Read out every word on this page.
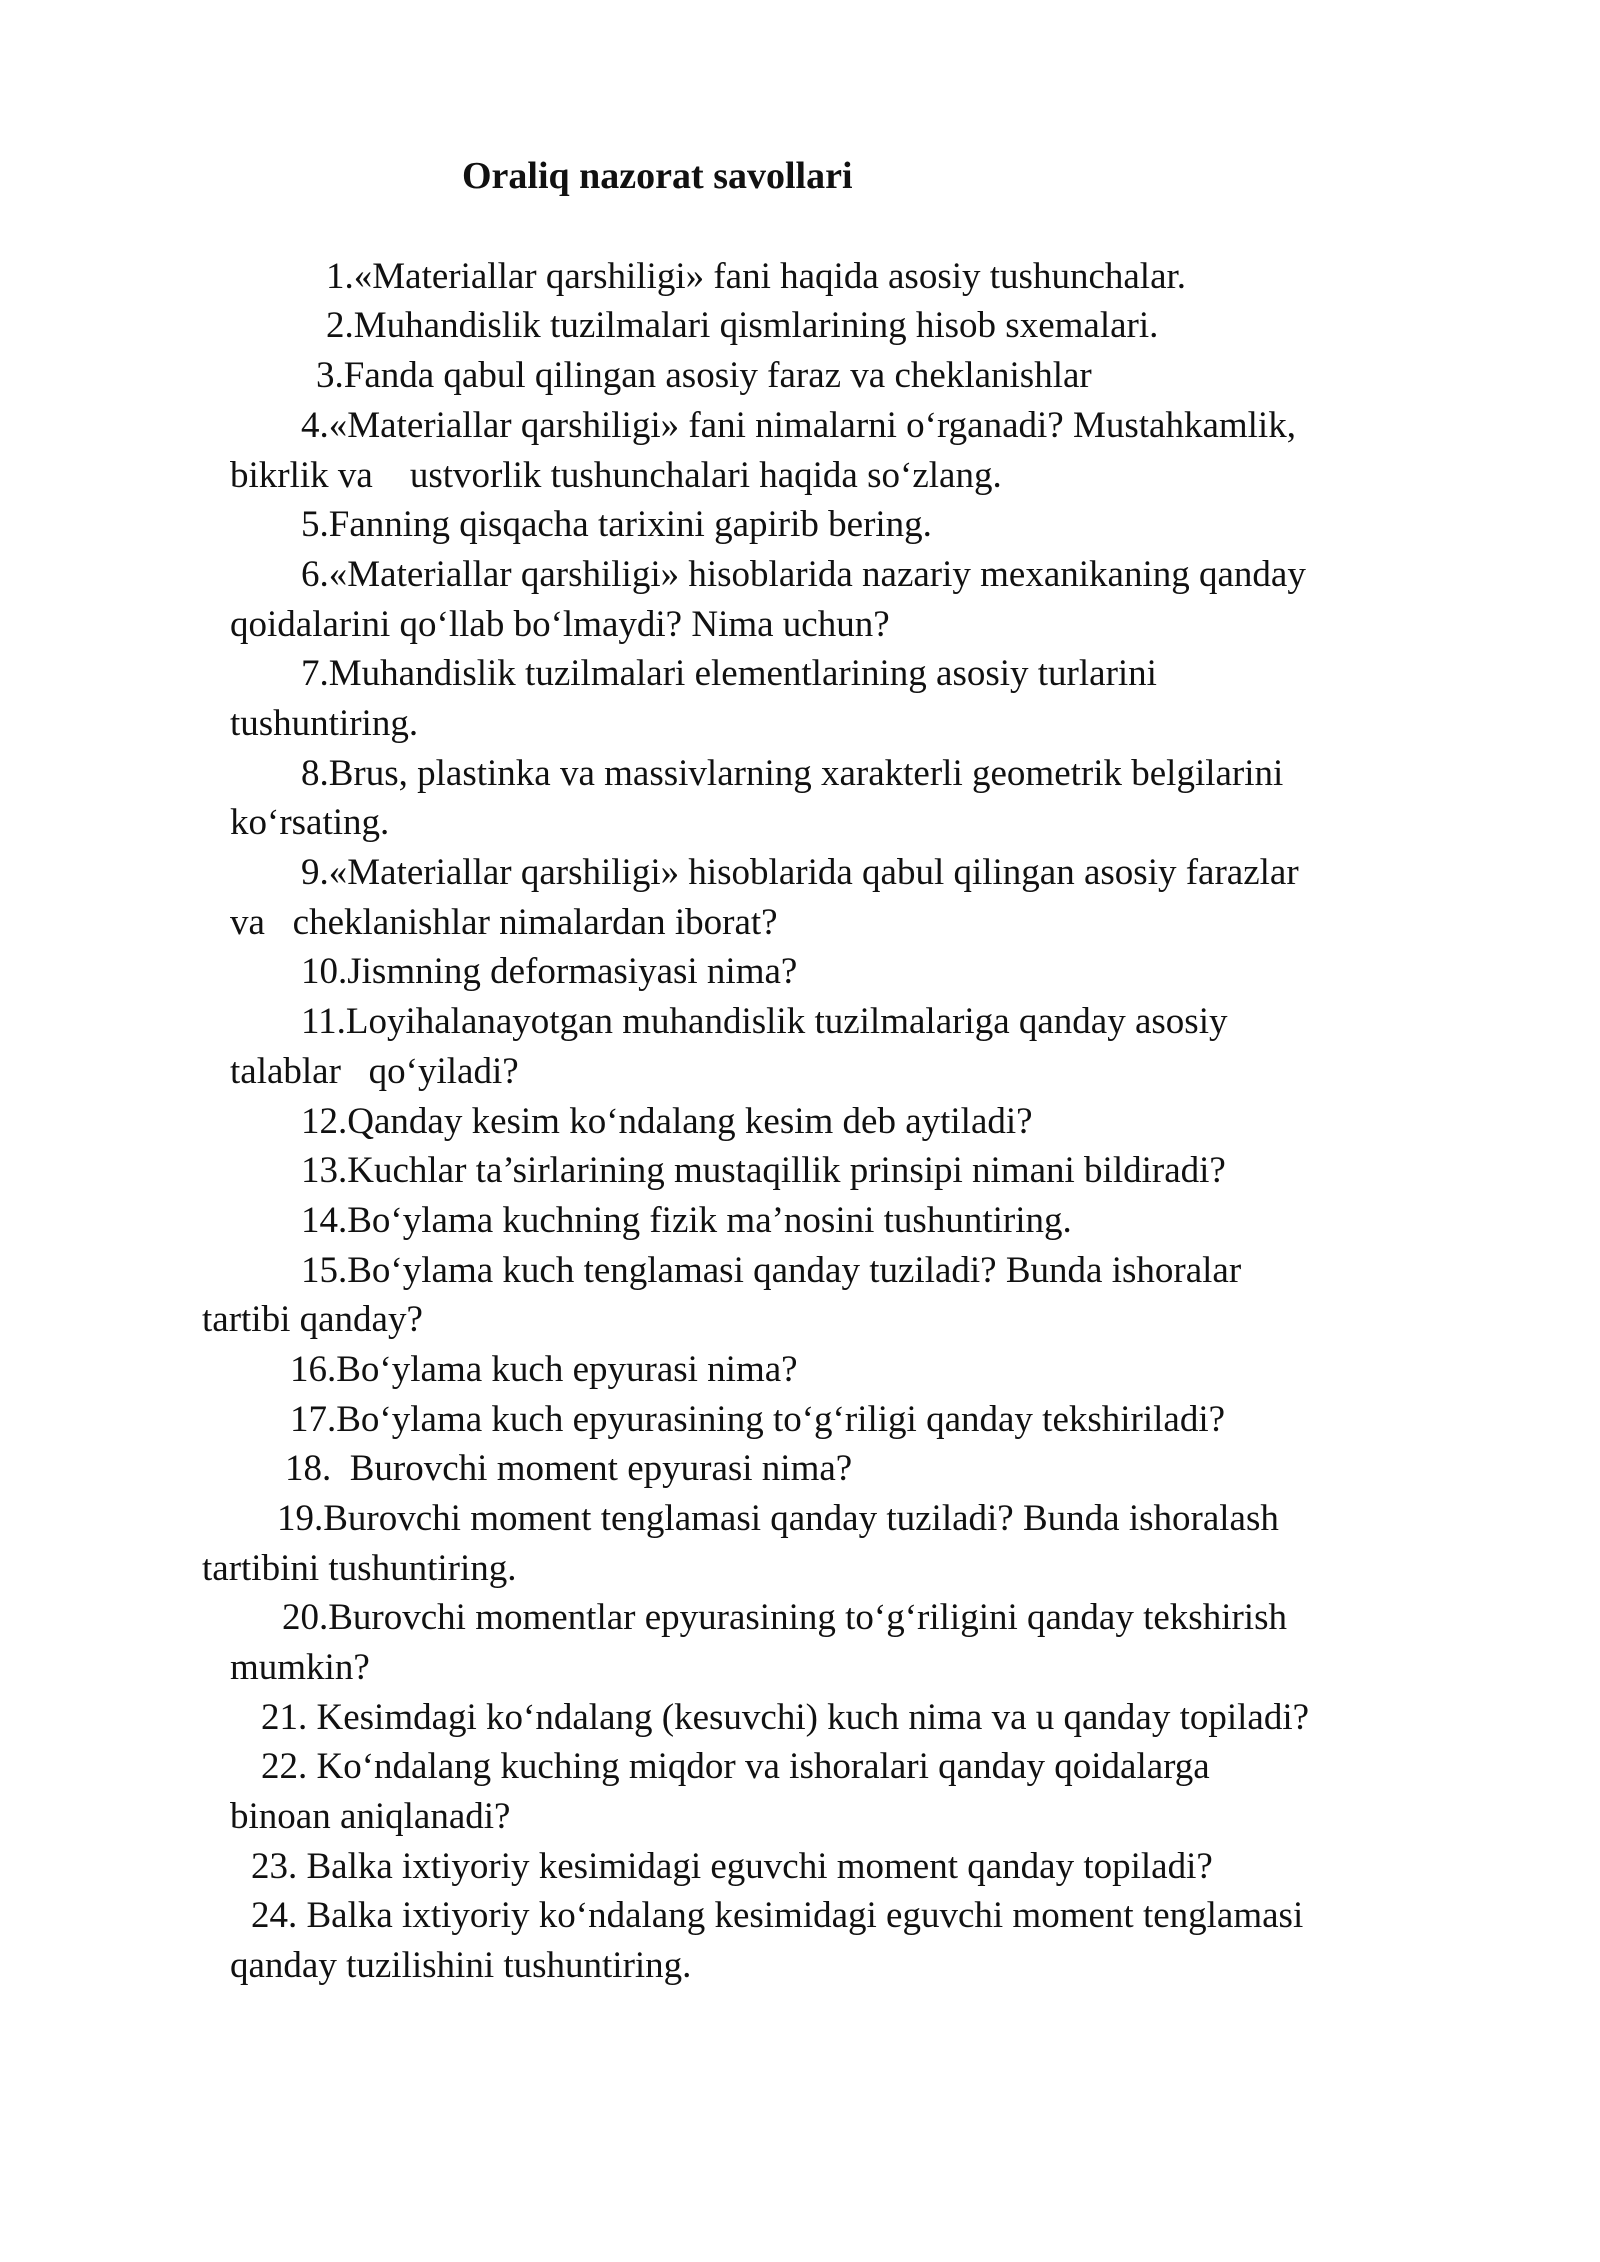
Oraliq nazorat savollari
1.«Materiallar qarshiligi» fani haqida asosiy tushunchalar.
2.Muhandislik tuzilmalari qismlarining hisob sxemalari.
3.Fanda qabul qilingan asosiy faraz va cheklanishlar
4.«Materiallar qarshiligi» fani nimalarni o‘rganadi? Mustahkamlik,
bikrlik va    ustvorlik tushunchalari haqida so‘zlang.
5.Fanning qisqacha tarixini gapirib bering.
6.«Materiallar qarshiligi» hisoblarida nazariy mexanikaning qanday
qoidalarini qo‘llab bo‘lmaydi? Nima uchun?
7.Muhandislik tuzilmalari elementlarining asosiy turlarini
tushuntiring.
8.Brus, plastinka va massivlarning xarakterli geometrik belgilarini
ko‘rsating.
9.«Materiallar qarshiligi» hisoblarida qabul qilingan asosiy farazlar
va   cheklanishlar nimalardan iborat?
10.Jismning deformasiyasi nima?
11.Loyihalanayotgan muhandislik tuzilmalariga qanday asosiy
talablar   qo‘yiladi?
12.Qanday kesim ko‘ndalang kesim deb aytiladi?
13.Kuchlar ta’sirlarining mustaqillik prinsipi nimani bildiradi?
14.Bo‘ylama kuchning fizik ma’nosini tushuntiring.
15.Bo‘ylama kuch tenglamasi qanday tuziladi? Bunda ishoralar
tartibi qanday?
16.Bo‘ylama kuch epyurasi nima?
17.Bo‘ylama kuch epyurasining to‘g‘riligi qanday tekshiriladi?
18.  Burovchi moment epyurasi nima?
19.Burovchi moment tenglamasi qanday tuziladi? Bunda ishoralash
tartibini tushuntiring.
20.Burovchi momentlar epyurasining to‘g‘riligini qanday tekshirish
mumkin?
21. Kesimdagi ko‘ndalang (kesuvchi) kuch nima va u qanday topiladi?
22. Ko‘ndalang kuching miqdor va ishoralari qanday qoidalarga
binoan aniqlanadi?
23. Balka ixtiyoriy kesimidagi eguvchi moment qanday topiladi?
24. Balka ixtiyoriy ko‘ndalang kesimidagi eguvchi moment tenglamasi
qanday tuzilishini tushuntiring.
